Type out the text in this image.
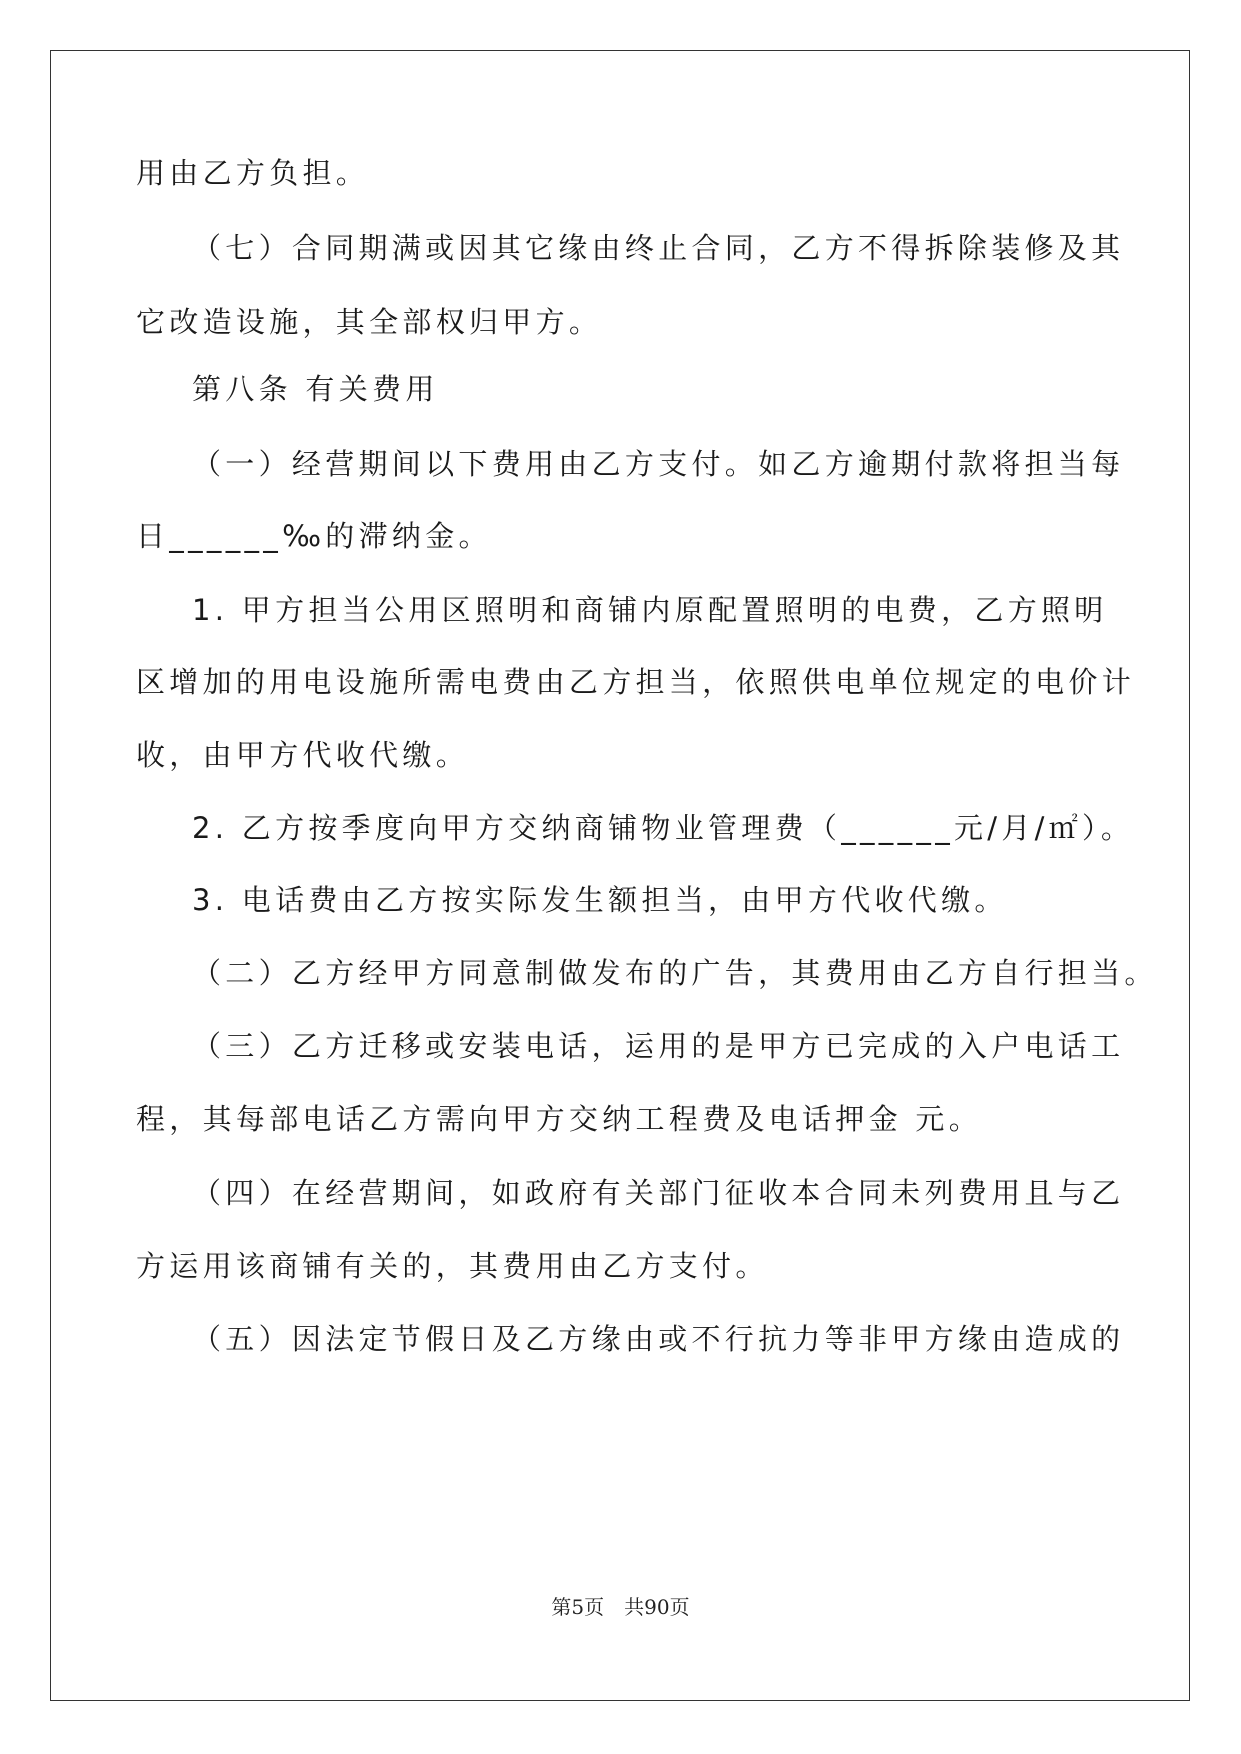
用由乙方负担。
（七）合同期满或因其它缘由终止合同，乙方不得拆除装修及其
它改造设施，其全部权归甲方。
第八条 有关费用
（一）经营期间以下费用由乙方支付。如乙方逾期付款将担当每
日______‰的滞纳金。
1. 甲方担当公用区照明和商铺内原配置照明的电费，乙方照明
区增加的用电设施所需电费由乙方担当，依照供电单位规定的电价计
收，由甲方代收代缴。
2. 乙方按季度向甲方交纳商铺物业管理费（______元/月/㎡）。
3. 电话费由乙方按实际发生额担当，由甲方代收代缴。
（二）乙方经甲方同意制做发布的广告，其费用由乙方自行担当。
（三）乙方迁移或安装电话，运用的是甲方已完成的入户电话工
程，其每部电话乙方需向甲方交纳工程费及电话押金 元。
（四）在经营期间，如政府有关部门征收本合同未列费用且与乙
方运用该商铺有关的，其费用由乙方支付。
（五）因法定节假日及乙方缘由或不行抗力等非甲方缘由造成的
第5页 共90页
